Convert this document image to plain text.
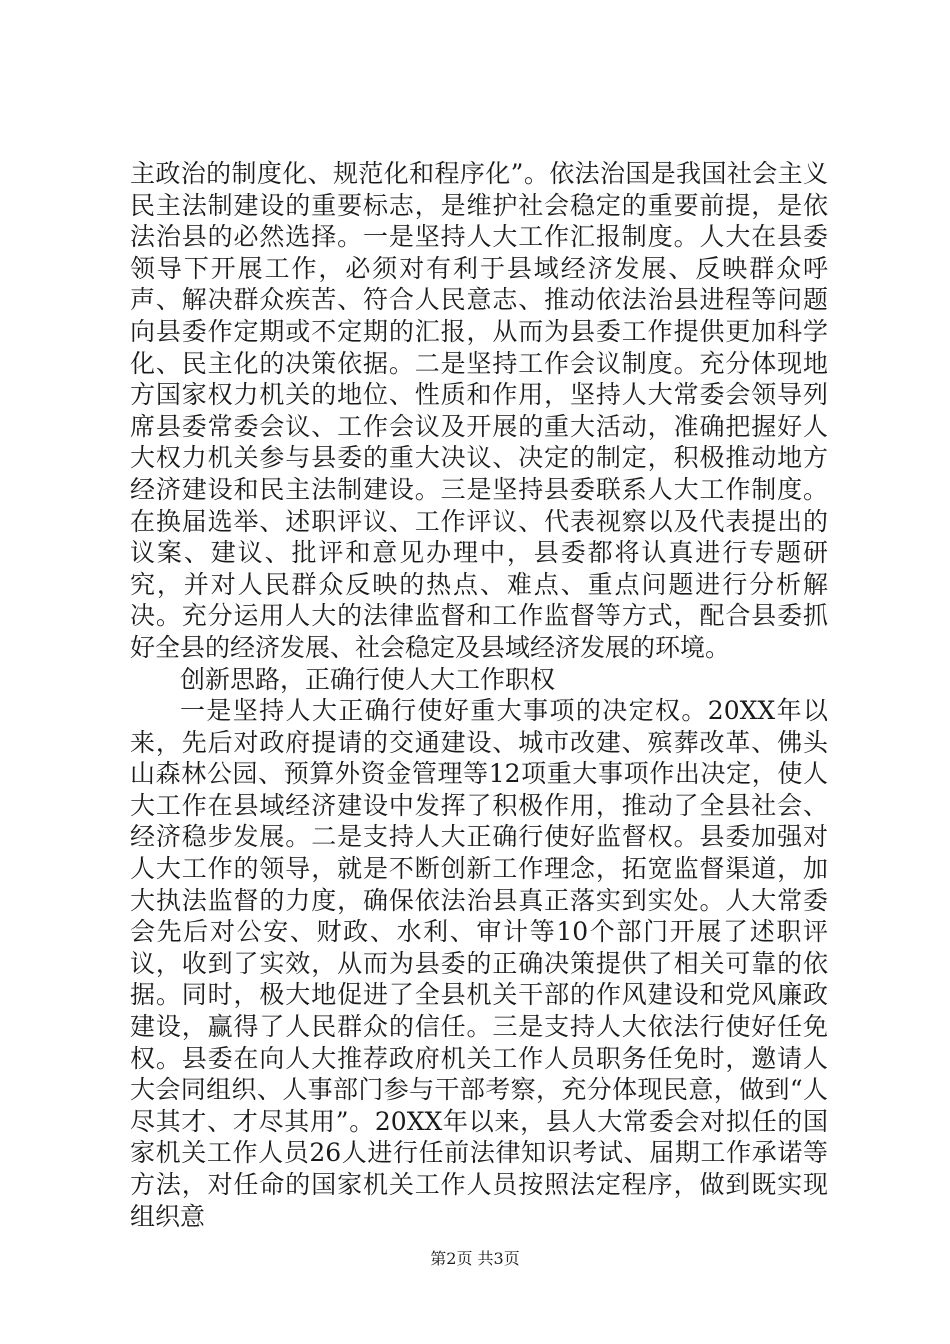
主政治的制度化、规范化和程序化”。依法治国是我国社会主义民主法制建设的重要标志，是维护社会稳定的重要前提，是依法治县的必然选择。一是坚持人大工作汇报制度。人大在县委领导下开展工作，必须对有利于县域经济发展、反映群众呼声、解决群众疾苦、符合人民意志、推动依法治县进程等问题向县委作定期或不定期的汇报，从而为县委工作提供更加科学化、民主化的决策依据。二是坚持工作会议制度。充分体现地方国家权力机关的地位、性质和作用，坚持人大常委会领导列席县委常委会议、工作会议及开展的重大活动，准确把握好人大权力机关参与县委的重大决议、决定的制定，积极推动地方经济建设和民主法制建设。三是坚持县委联系人大工作制度。在换届选举、述职评议、工作评议、代表视察以及代表提出的议案、建议、批评和意见办理中，县委都将认真进行专题研究，并对人民群众反映的热点、难点、重点问题进行分析解决。充分运用人大的法律监督和工作监督等方式，配合县委抓好全县的经济发展、社会稳定及县域经济发展的环境。

创新思路，正确行使人大工作职权

一是坚持人大正确行使好重大事项的决定权。20XX年以来，先后对政府提请的交通建设、城市改建、殡葬改革、佛头山森林公园、预算外资金管理等12项重大事项作出决定，使人大工作在县域经济建设中发挥了积极作用，推动了全县社会、经济稳步发展。二是支持人大正确行使好监督权。县委加强对人大工作的领导，就是不断创新工作理念，拓宽监督渠道，加大执法监督的力度，确保依法治县真正落实到实处。人大常委会先后对公安、财政、水利、审计等10个部门开展了述职评议，收到了实效，从而为县委的正确决策提供了相关可靠的依据。同时，极大地促进了全县机关干部的作风建设和党风廉政建设，赢得了人民群众的信任。三是支持人大依法行使好任免权。县委在向人大推荐政府机关工作人员职务任免时，邀请人大会同组织、人事部门参与干部考察，充分体现民意，做到“人尽其才、才尽其用”。20XX年以来，县人大常委会对拟任的国家机关工作人员26人进行任前法律知识考试、届期工作承诺等方法，对任命的国家机关工作人员按照法定程序，做到既实现组织意

第2页 共3页
